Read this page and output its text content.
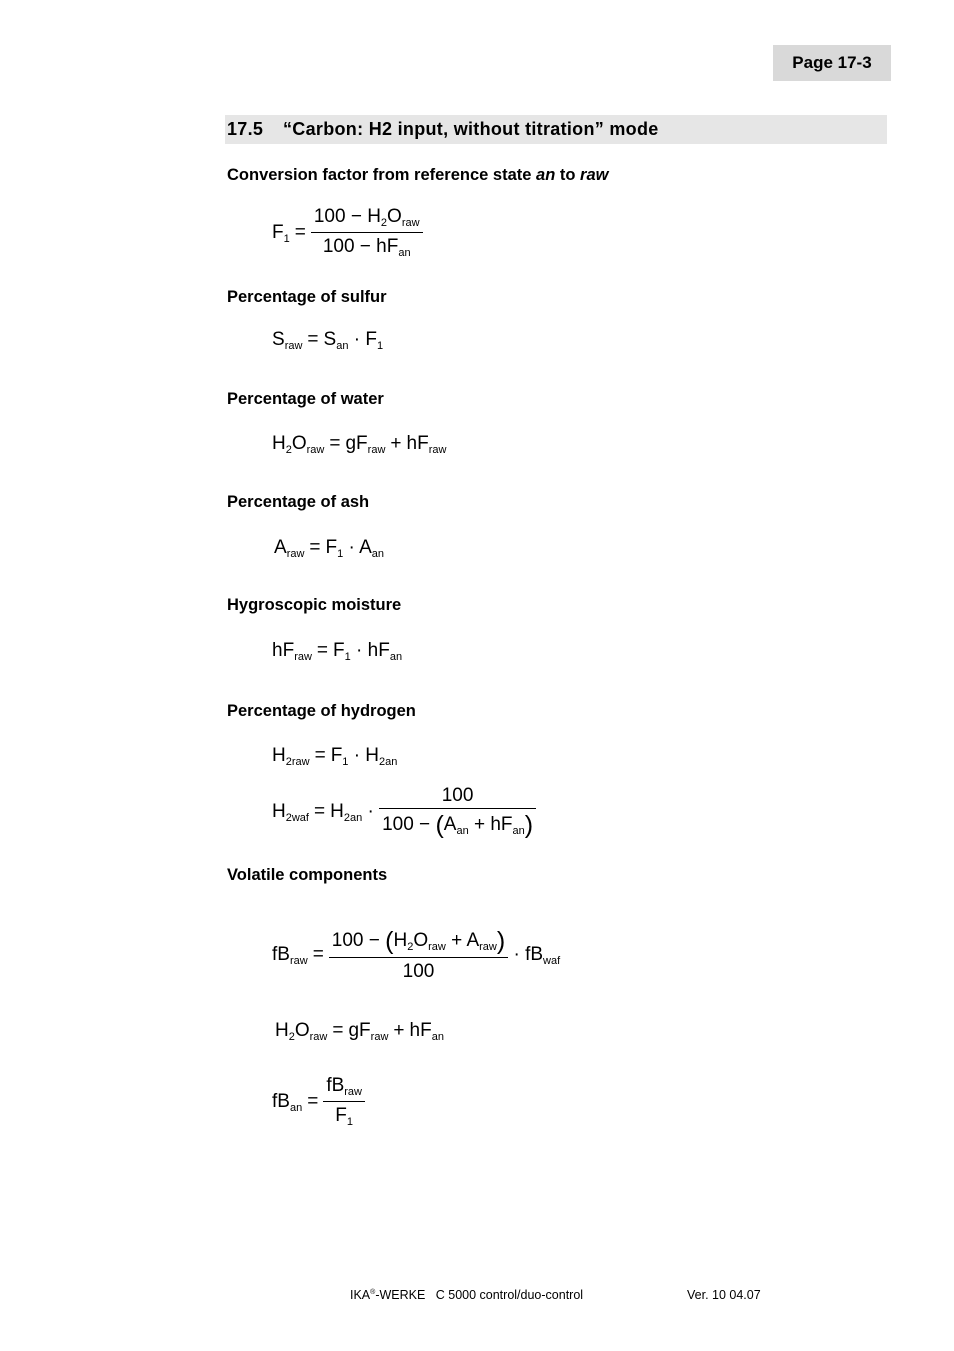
Page 17-3
17.5 “Carbon: H2 input, without titration” mode
Conversion factor from reference state an to raw
$F_1 = \frac{100 - H_2O_{raw}}{100 - hF_{an}}$
Percentage of sulfur
$S_{raw} = S_{an} \cdot F_1$
Percentage of water
$H_2O_{raw} = gF_{raw} + hF_{raw}$
Percentage of ash
$A_{raw} = F_1 \cdot A_{an}$
Hygroscopic moisture
$hF_{raw} = F_1 \cdot hF_{an}$
Percentage of hydrogen
$H_{2raw} = F_1 \cdot H_{2an}$
$H_{2waf} = H_{2an} \cdot \frac{100}{100 - (A_{an} + hF_{an})}$
Volatile components
$fB_{raw} = \frac{100 - (H_2O_{raw} + A_{raw})}{100} \cdot fB_{waf}$
$H_2O_{raw} = gF_{raw} + hF_{an}$
$fB_{an} = \frac{fB_{raw}}{F_1}$
IKA®-WERKE C 5000 control/duo-control	Ver. 10 04.07
